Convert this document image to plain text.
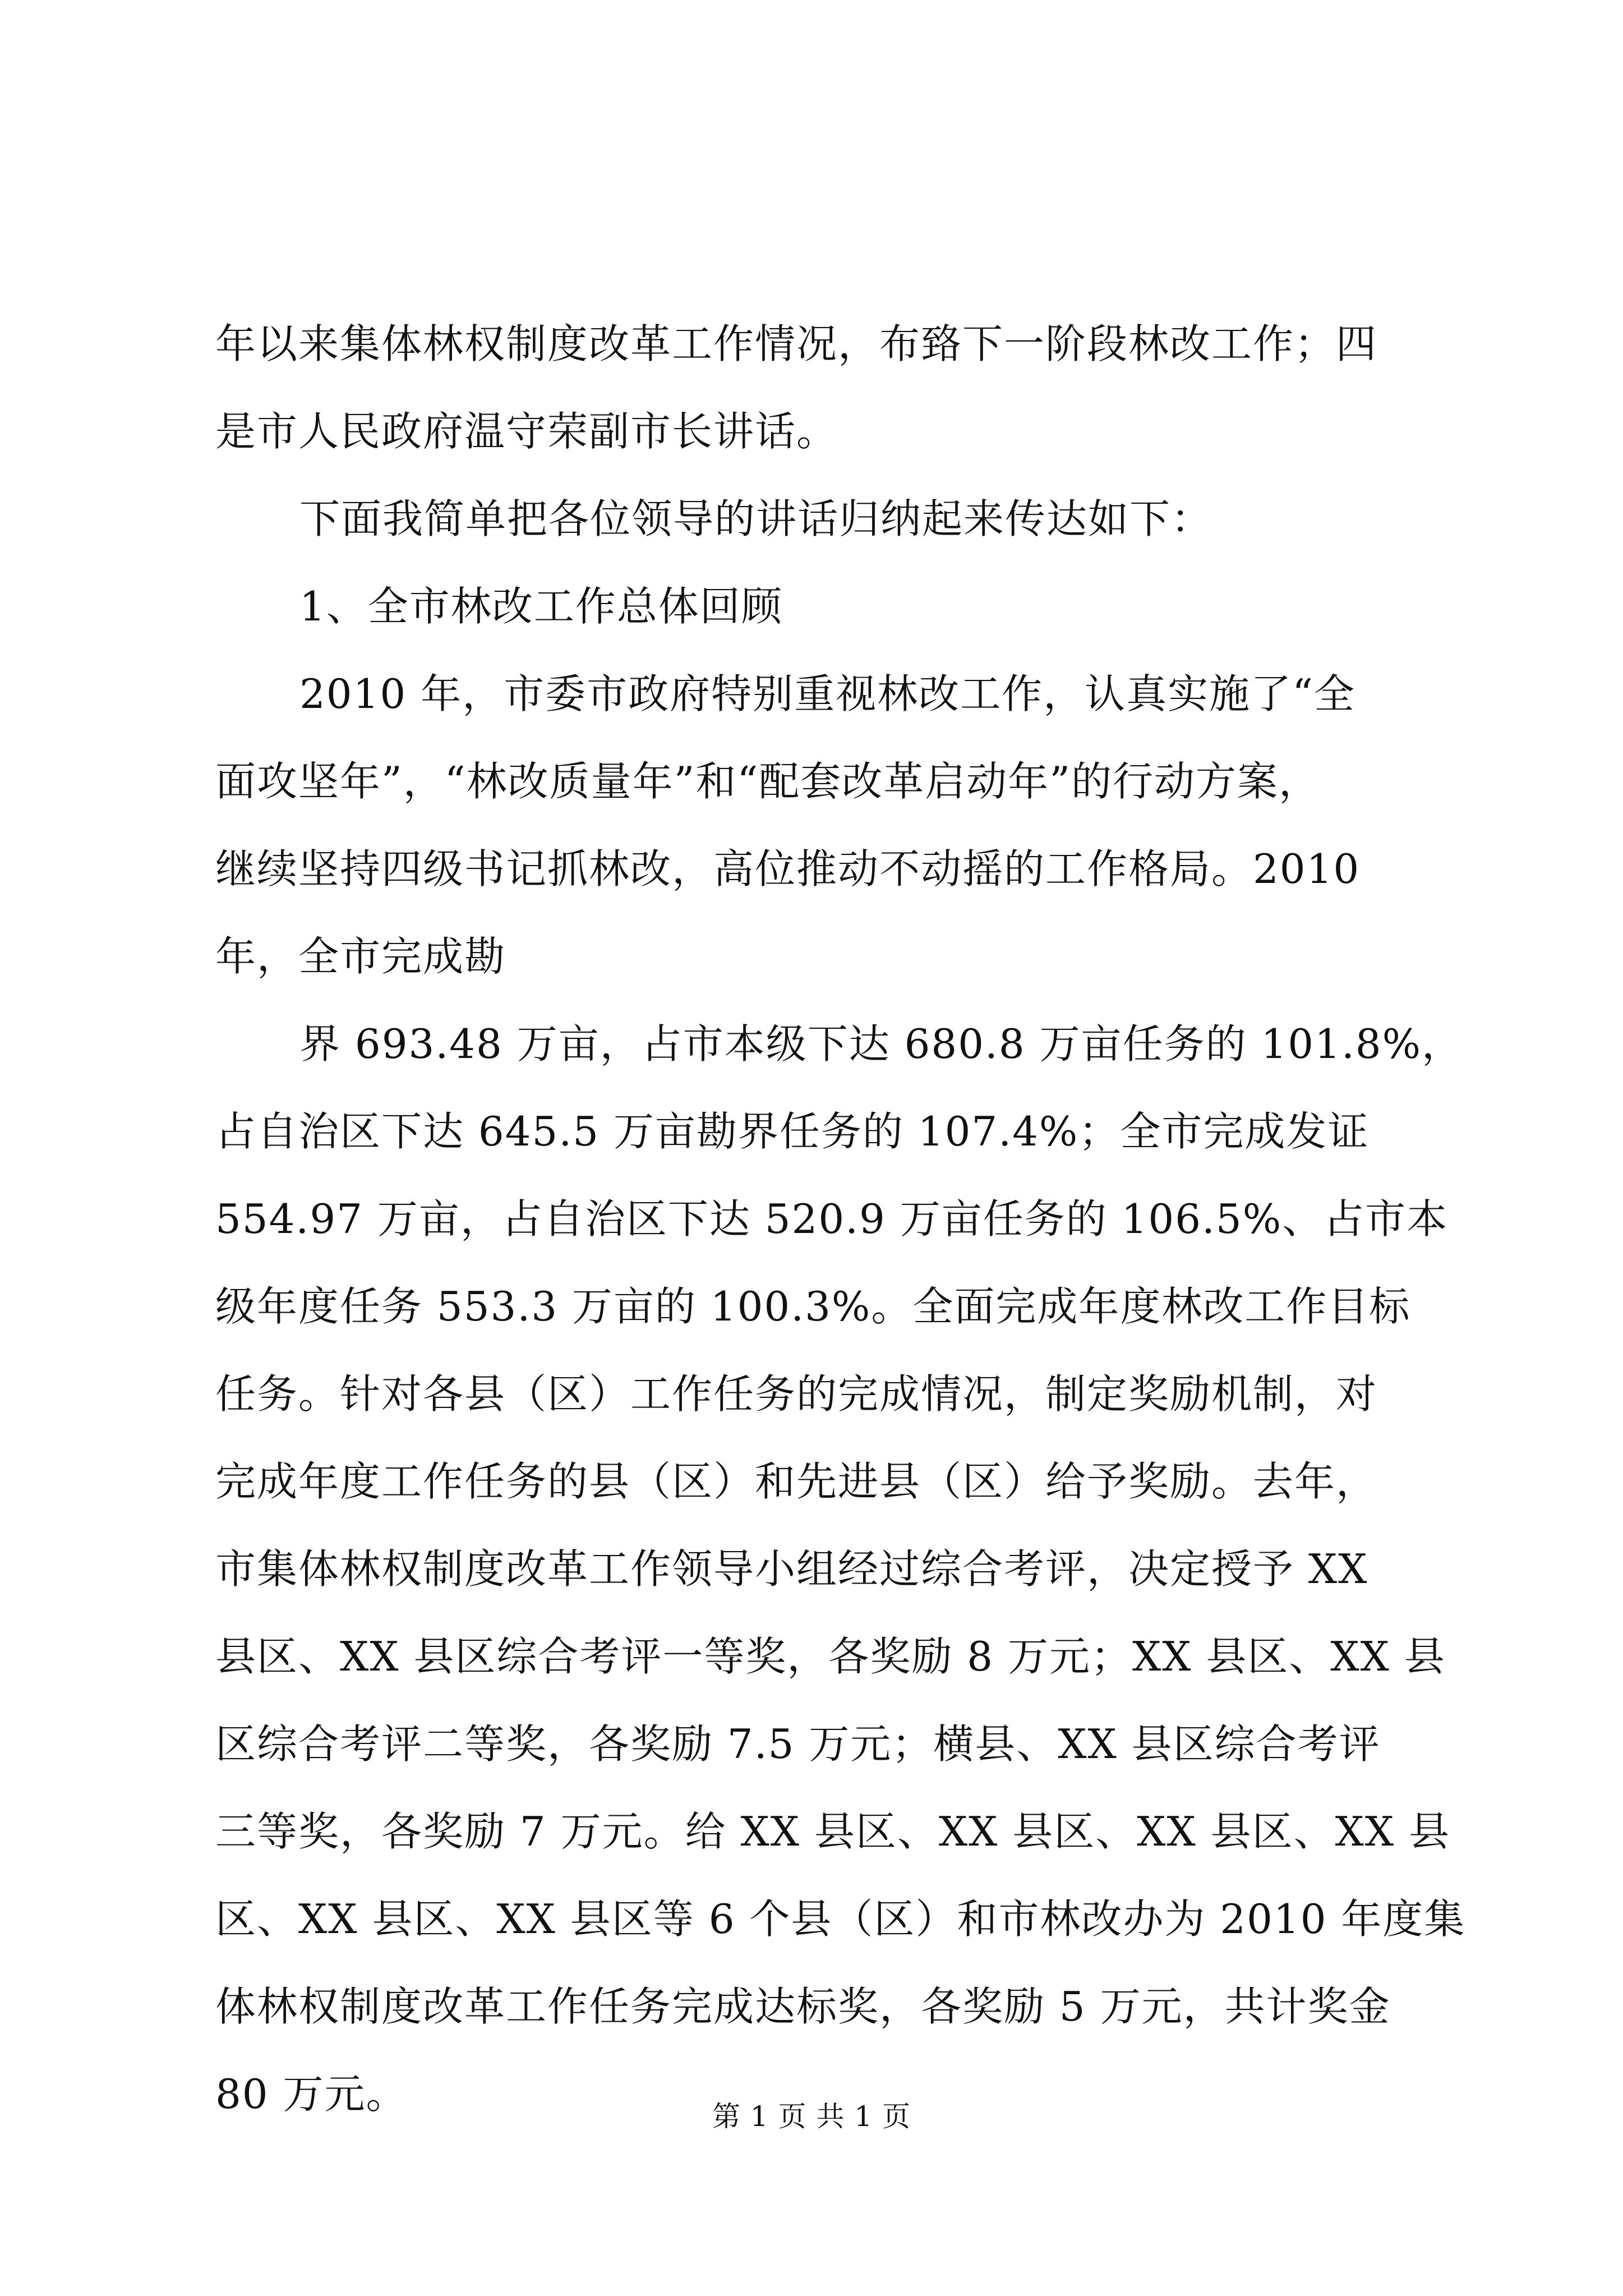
年以来集体林权制度改革工作情况，布臵下一阶段林改工作；四
是市人民政府温守荣副市长讲话。
下面我简单把各位领导的讲话归纳起来传达如下：
1、全市林改工作总体回顾
2010 年，市委市政府特别重视林改工作，认真实施了“全
面攻坚年”，“林改质量年”和“配套改革启动年”的行动方案，
继续坚持四级书记抓林改，高位推动不动摇的工作格局。2010
年，全市完成勘
界 693.48 万亩，占市本级下达 680.8 万亩任务的 101.8%，
占自治区下达 645.5 万亩勘界任务的 107.4%；全市完成发证
554.97 万亩，占自治区下达 520.9 万亩任务的 106.5%、占市本
级年度任务 553.3 万亩的 100.3%。全面完成年度林改工作目标
任务。针对各县（区）工作任务的完成情况，制定奖励机制，对
完成年度工作任务的县（区）和先进县（区）给予奖励。去年，
市集体林权制度改革工作领导小组经过综合考评，决定授予 XX
县区、XX 县区综合考评一等奖，各奖励 8 万元；XX 县区、XX 县
区综合考评二等奖，各奖励 7.5 万元；横县、XX 县区综合考评
三等奖，各奖励 7 万元。给 XX 县区、XX 县区、XX 县区、XX 县
区、XX 县区、XX 县区等 6 个县（区）和市林改办为 2010 年度集
体林权制度改革工作任务完成达标奖，各奖励 5 万元，共计奖金
80 万元。	第 1 页 共 1 页
